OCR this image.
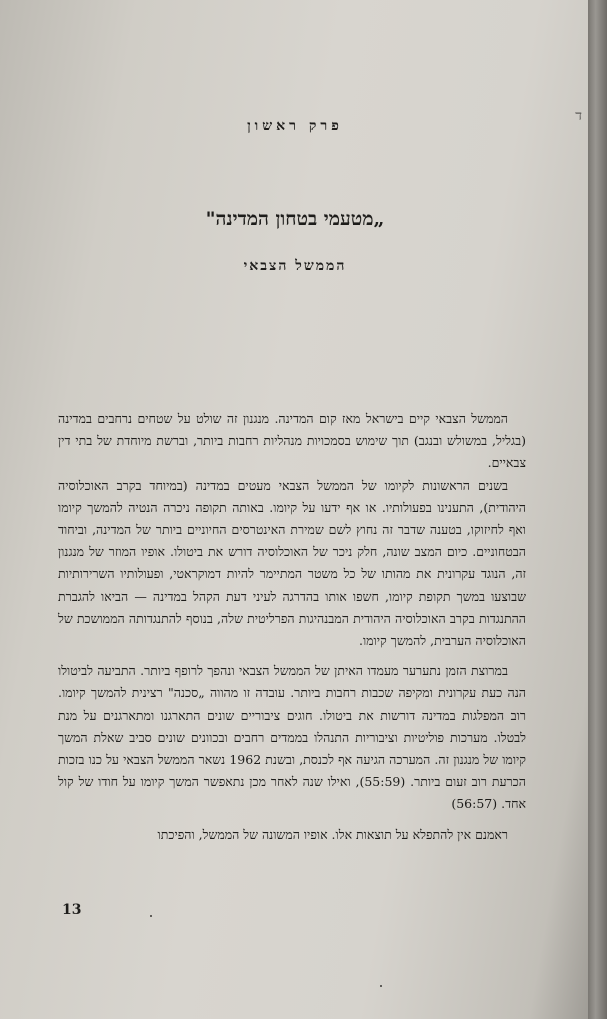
ד
פרק ראשון
„מטעמי בטחון המדינה"
הממשל הצבאי

הממשל הצבאי קיים בישראל מאז קום המדינה. מנגנון זה שולט על שטחים נרחבים במדינה (בגליל, במשולש ובנגב) תוך שימוש בסמכויות מנהליות רחבות ביותר, וברשת מיוחדת של בתי דין צבאיים.

בשנים הראשונות לקיומו של הממשל הצבאי מעטים במדינה (במיוחד בקרב האוכלוסיה היהודית), התענינו בפעולותיו. או אף ידעו על קיומו. באותה תקופה ניכרה הנטיה להמשך קיומו ואף לחיזוקו, בטענה שדבר זה נחוץ לשם שמירת האינטרסים החיוניים ביותר של המדינה, וביחוד הבטחוניים. כיום המצב שונה, חלק ניכר של האוכלוסיה דורש את ביטולו. אופיו המוזר של מנגנון זה, הנוגד עקרונית את מהותו של כל משטר המתיימר להיות דמוקראטי, ופעולותיו השרירותיות שבוצעו במשך תקופת קיומו, חשפו אותו בהדרגה לעיני דעת הקהל במדינה — הביאו להגברת ההתנגדות בקרב האוכלוסיה היהודית המבנהיגות הפרליטית שלה, בנוסף להתנגדותה הממושכת של האוכלוסיה הערבית, להמשך קיומו.

במרוצת הזמן נתערער מעמדו האיתן של הממשל הצבאי ונהפך לרופף ביותר. התביעה לביטולו הנה כעת עקרונית ומקיפה שכבות רחבות ביותר. עובדה זו מהווה „סכנה" רצינית להמשך קיומו. רוב המפלגות במדינה דורשות את ביטולו. חוגים ציבוריים שונים התארגנו ומתארגנים על מנת לבטלו. מערכות פוליטיות וציבוריות התנהלו בממדים רחבים ובכוונים שונים סביב שאלת המשך קיומו של מנגנון זה. המערכה הגיעה אף לכנסת, ובשנת 1962 נשאר הממשל הצבאי על כנו בזכות הכרעת רוב זעום ביותר. (55:59), ואילו שנה לאחר מכן נתאפשר המשך קיומו על חודו של קול אחד. (56:57)

ראמנם אין להתפלא על תוצאות אלו. אופיו המשונה של הממשל, והפיכתו

13
